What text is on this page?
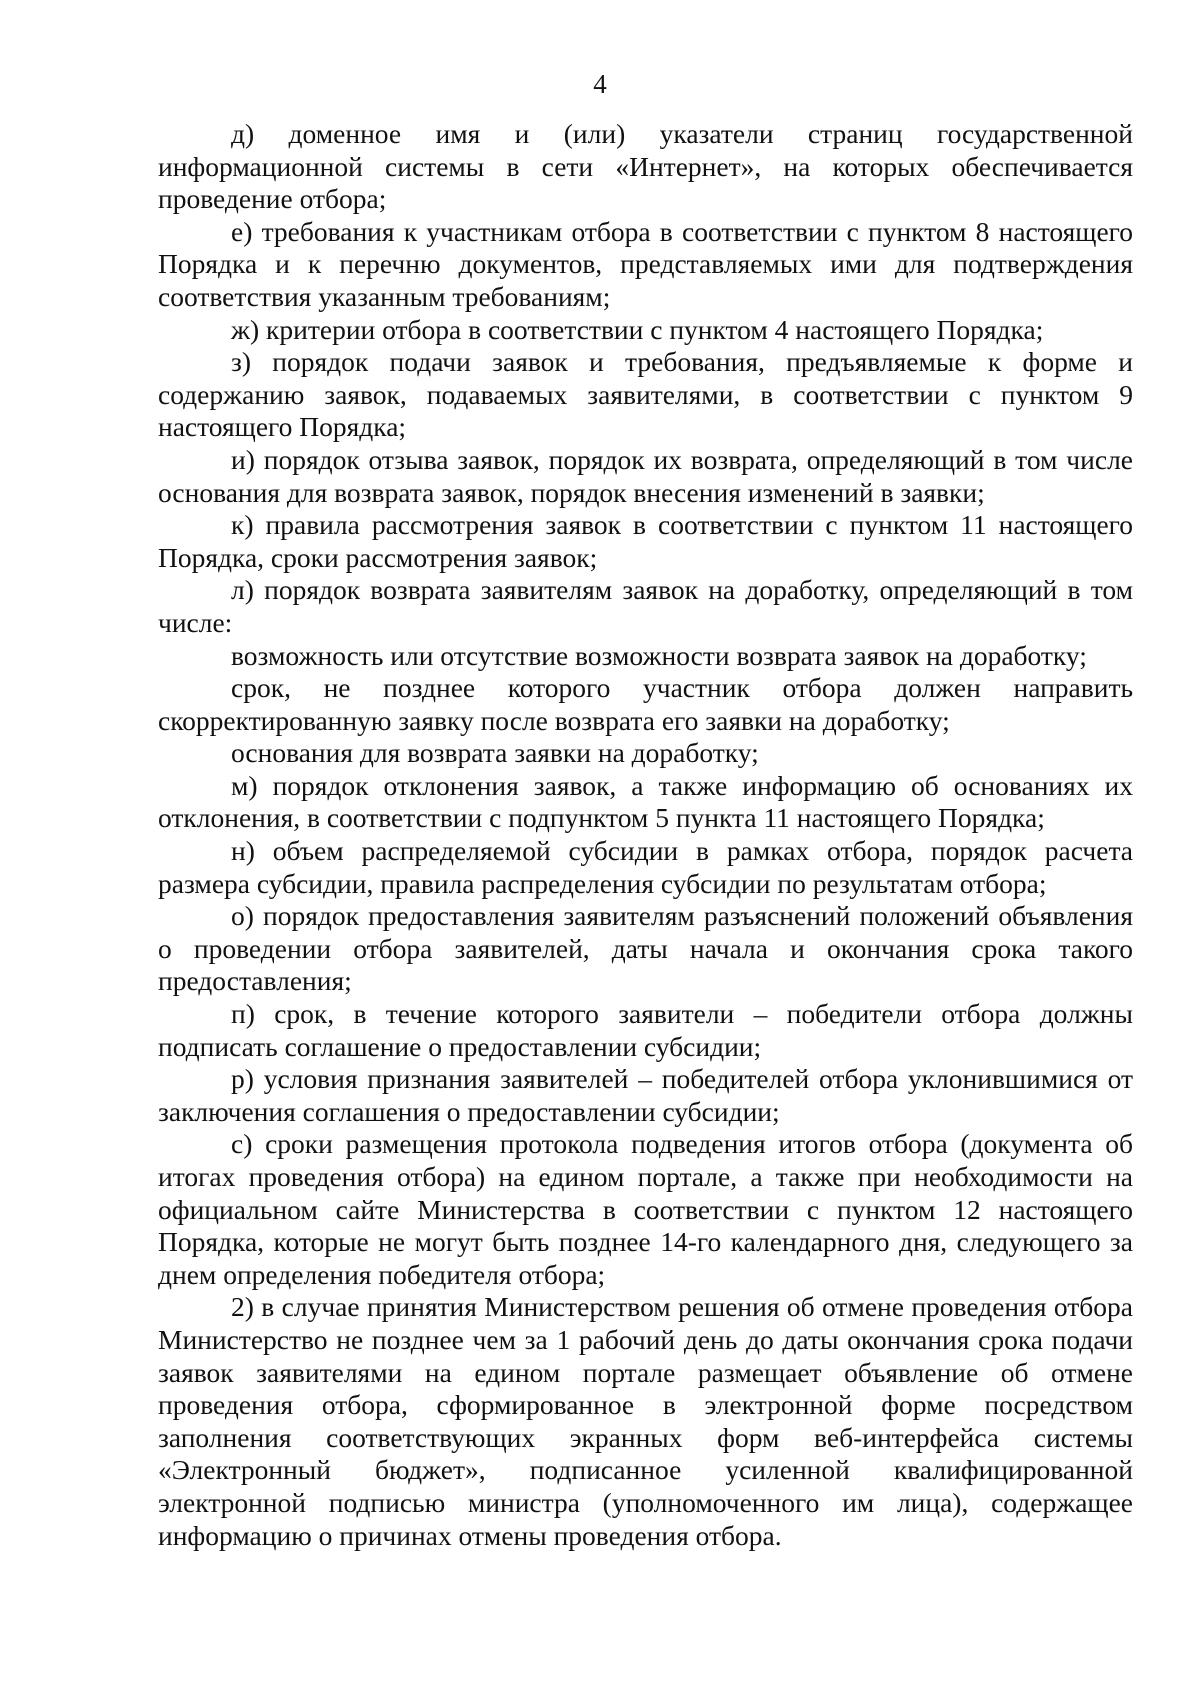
4

д) доменное имя и (или) указатели страниц государственной информационной системы в сети «Интернет», на которых обеспечивается проведение отбора;

е) требования к участникам отбора в соответствии с пунктом 8 настоящего Порядка и к перечню документов, представляемых ими для подтверждения соответствия указанным требованиям;

ж) критерии отбора в соответствии с пунктом 4 настоящего Порядка;

з) порядок подачи заявок и требования, предъявляемые к форме и содержанию заявок, подаваемых заявителями, в соответствии с пунктом 9 настоящего Порядка;

и) порядок отзыва заявок, порядок их возврата, определяющий в том числе основания для возврата заявок, порядок внесения изменений в заявки;

к) правила рассмотрения заявок в соответствии с пунктом 11 настоящего Порядка, сроки рассмотрения заявок;

л) порядок возврата заявителям заявок на доработку, определяющий в том числе:

возможность или отсутствие возможности возврата заявок на доработку;

срок, не позднее которого участник отбора должен направить скорректированную заявку после возврата его заявки на доработку;

основания для возврата заявки на доработку;

м) порядок отклонения заявок, а также информацию об основаниях их отклонения, в соответствии с подпунктом 5 пункта 11 настоящего Порядка;

н) объем распределяемой субсидии в рамках отбора, порядок расчета размера субсидии, правила распределения субсидии по результатам отбора;

о) порядок предоставления заявителям разъяснений положений объявления о проведении отбора заявителей, даты начала и окончания срока такого предоставления;

п) срок, в течение которого заявители – победители отбора должны подписать соглашение о предоставлении субсидии;

р) условия признания заявителей – победителей отбора уклонившимися от заключения соглашения о предоставлении субсидии;

с) сроки размещения протокола подведения итогов отбора (документа об итогах проведения отбора) на едином портале, а также при необходимости на официальном сайте Министерства в соответствии с пунктом 12 настоящего Порядка, которые не могут быть позднее 14-го календарного дня, следующего за днем определения победителя отбора;

2) в случае принятия Министерством решения об отмене проведения отбора Министерство не позднее чем за 1 рабочий день до даты окончания срока подачи заявок заявителями на едином портале размещает объявление об отмене проведения отбора, сформированное в электронной форме посредством заполнения соответствующих экранных форм веб-интерфейса системы «Электронный бюджет», подписанное усиленной квалифицированной электронной подписью министра (уполномоченного им лица), содержащее информацию о причинах отмены проведения отбора.
